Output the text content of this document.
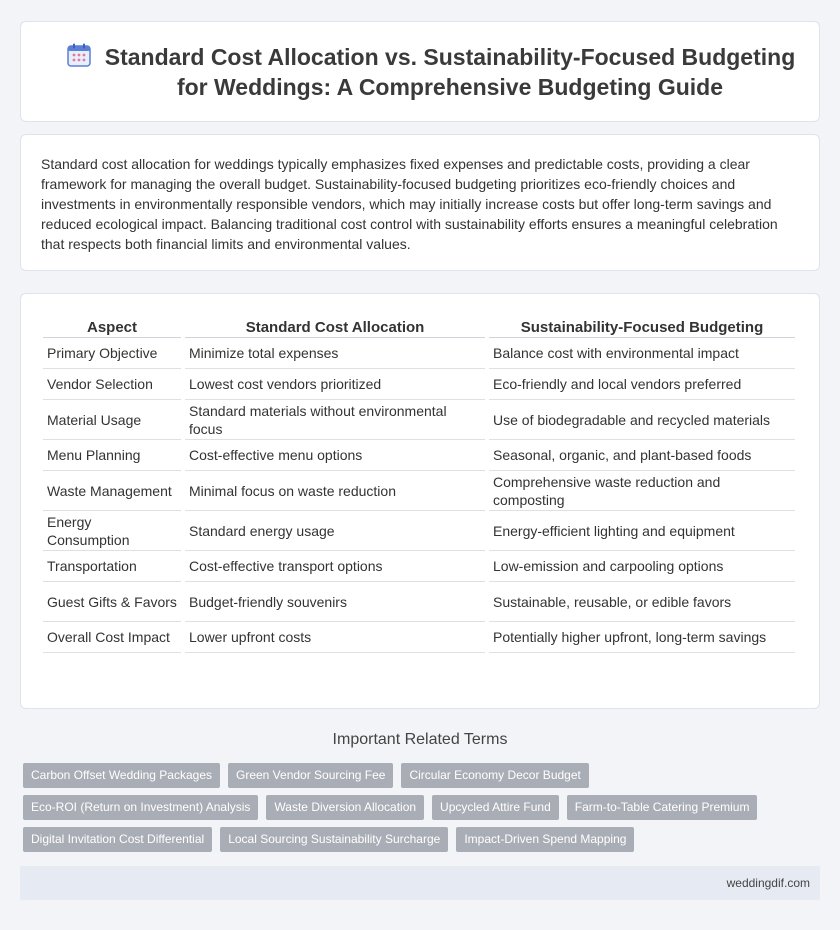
Standard Cost Allocation vs. Sustainability-Focused Budgeting for Weddings: A Comprehensive Budgeting Guide

Standard cost allocation for weddings typically emphasizes fixed expenses and predictable costs, providing a clear framework for managing the overall budget. Sustainability-focused budgeting prioritizes eco-friendly choices and investments in environmentally responsible vendors, which may initially increase costs but offer long-term savings and reduced ecological impact. Balancing traditional cost control with sustainability efforts ensures a meaningful celebration that respects both financial limits and environmental values.

Aspect	Standard Cost Allocation	Sustainability-Focused Budgeting
Primary Objective	Minimize total expenses	Balance cost with environmental impact
Vendor Selection	Lowest cost vendors prioritized	Eco-friendly and local vendors preferred
Material Usage	Standard materials without environmental focus	Use of biodegradable and recycled materials
Menu Planning	Cost-effective menu options	Seasonal, organic, and plant-based foods
Waste Management	Minimal focus on waste reduction	Comprehensive waste reduction and composting
Energy Consumption	Standard energy usage	Energy-efficient lighting and equipment
Transportation	Cost-effective transport options	Low-emission and carpooling options
Guest Gifts & Favors	Budget-friendly souvenirs	Sustainable, reusable, or edible favors
Overall Cost Impact	Lower upfront costs	Potentially higher upfront, long-term savings
Important Related Terms
Carbon Offset Wedding Packages	Green Vendor Sourcing Fee	Circular Economy Decor Budget
Eco-ROI (Return on Investment) Analysis	Waste Diversion Allocation	Upcycled Attire Fund	Farm-to-Table Catering Premium
Digital Invitation Cost Differential	Local Sourcing Sustainability Surcharge	Impact-Driven Spend Mapping
weddingdif.com
